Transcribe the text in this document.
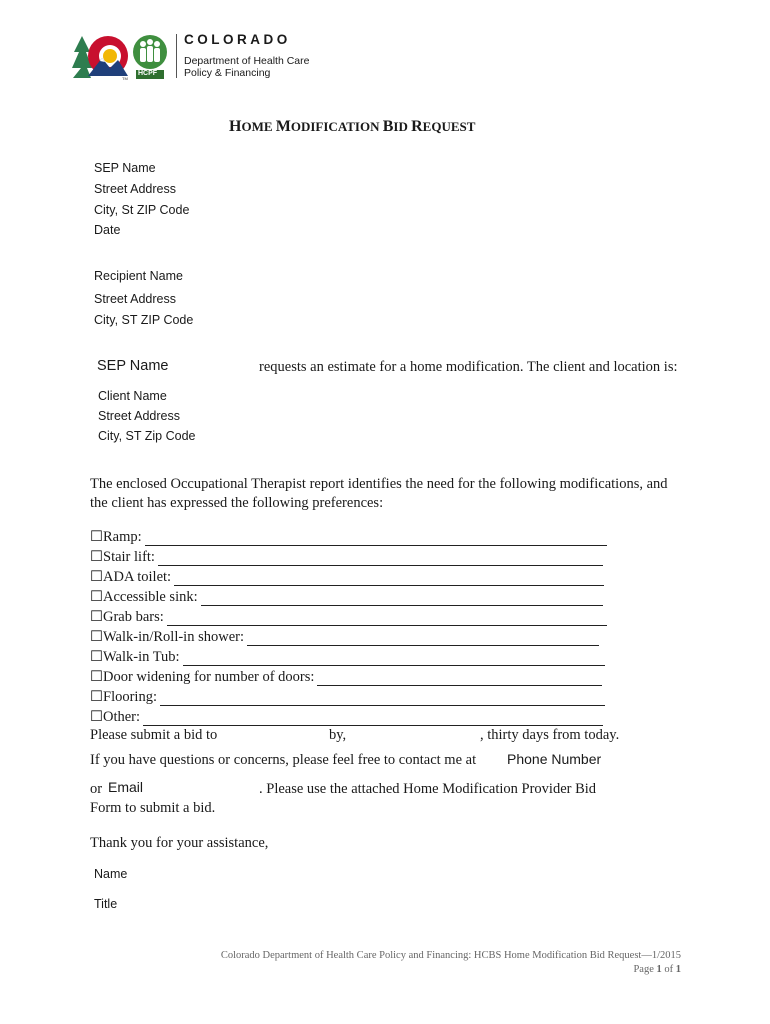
TM
HCPF
COLORADO
Department of Health Care
Policy & Financing
HOME MODIFICATION BID REQUEST
SEP Name
Street Address
City, St ZIP Code
Date
Recipient Name
Street Address
City, ST ZIP Code
SEP Name	requests an estimate for a home modification. The client and location is:
Client Name
Street Address
City, ST Zip Code
The enclosed Occupational Therapist report identifies the need for the following modifications, and
the client has expressed the following preferences:
☐ Ramp:
☐ Stair lift:
☐ ADA toilet:
☐ Accessible sink:
☐ Grab bars:
☐ Walk-in/Roll-in shower:
☐ Walk-in Tub:
☐ Door widening for number of doors:
☐ Flooring:
☐ Other:
Please submit a bid to	by,	, thirty days from today.
If you have questions or concerns, please feel free to contact me at Phone Number
or Email	. Please use the attached Home Modification Provider Bid
Form to submit a bid.
Thank you for your assistance,
Name
Title
Colorado Department of Health Care Policy and Financing: HCBS Home Modification Bid Request—1/2015
Page 1 of 1
